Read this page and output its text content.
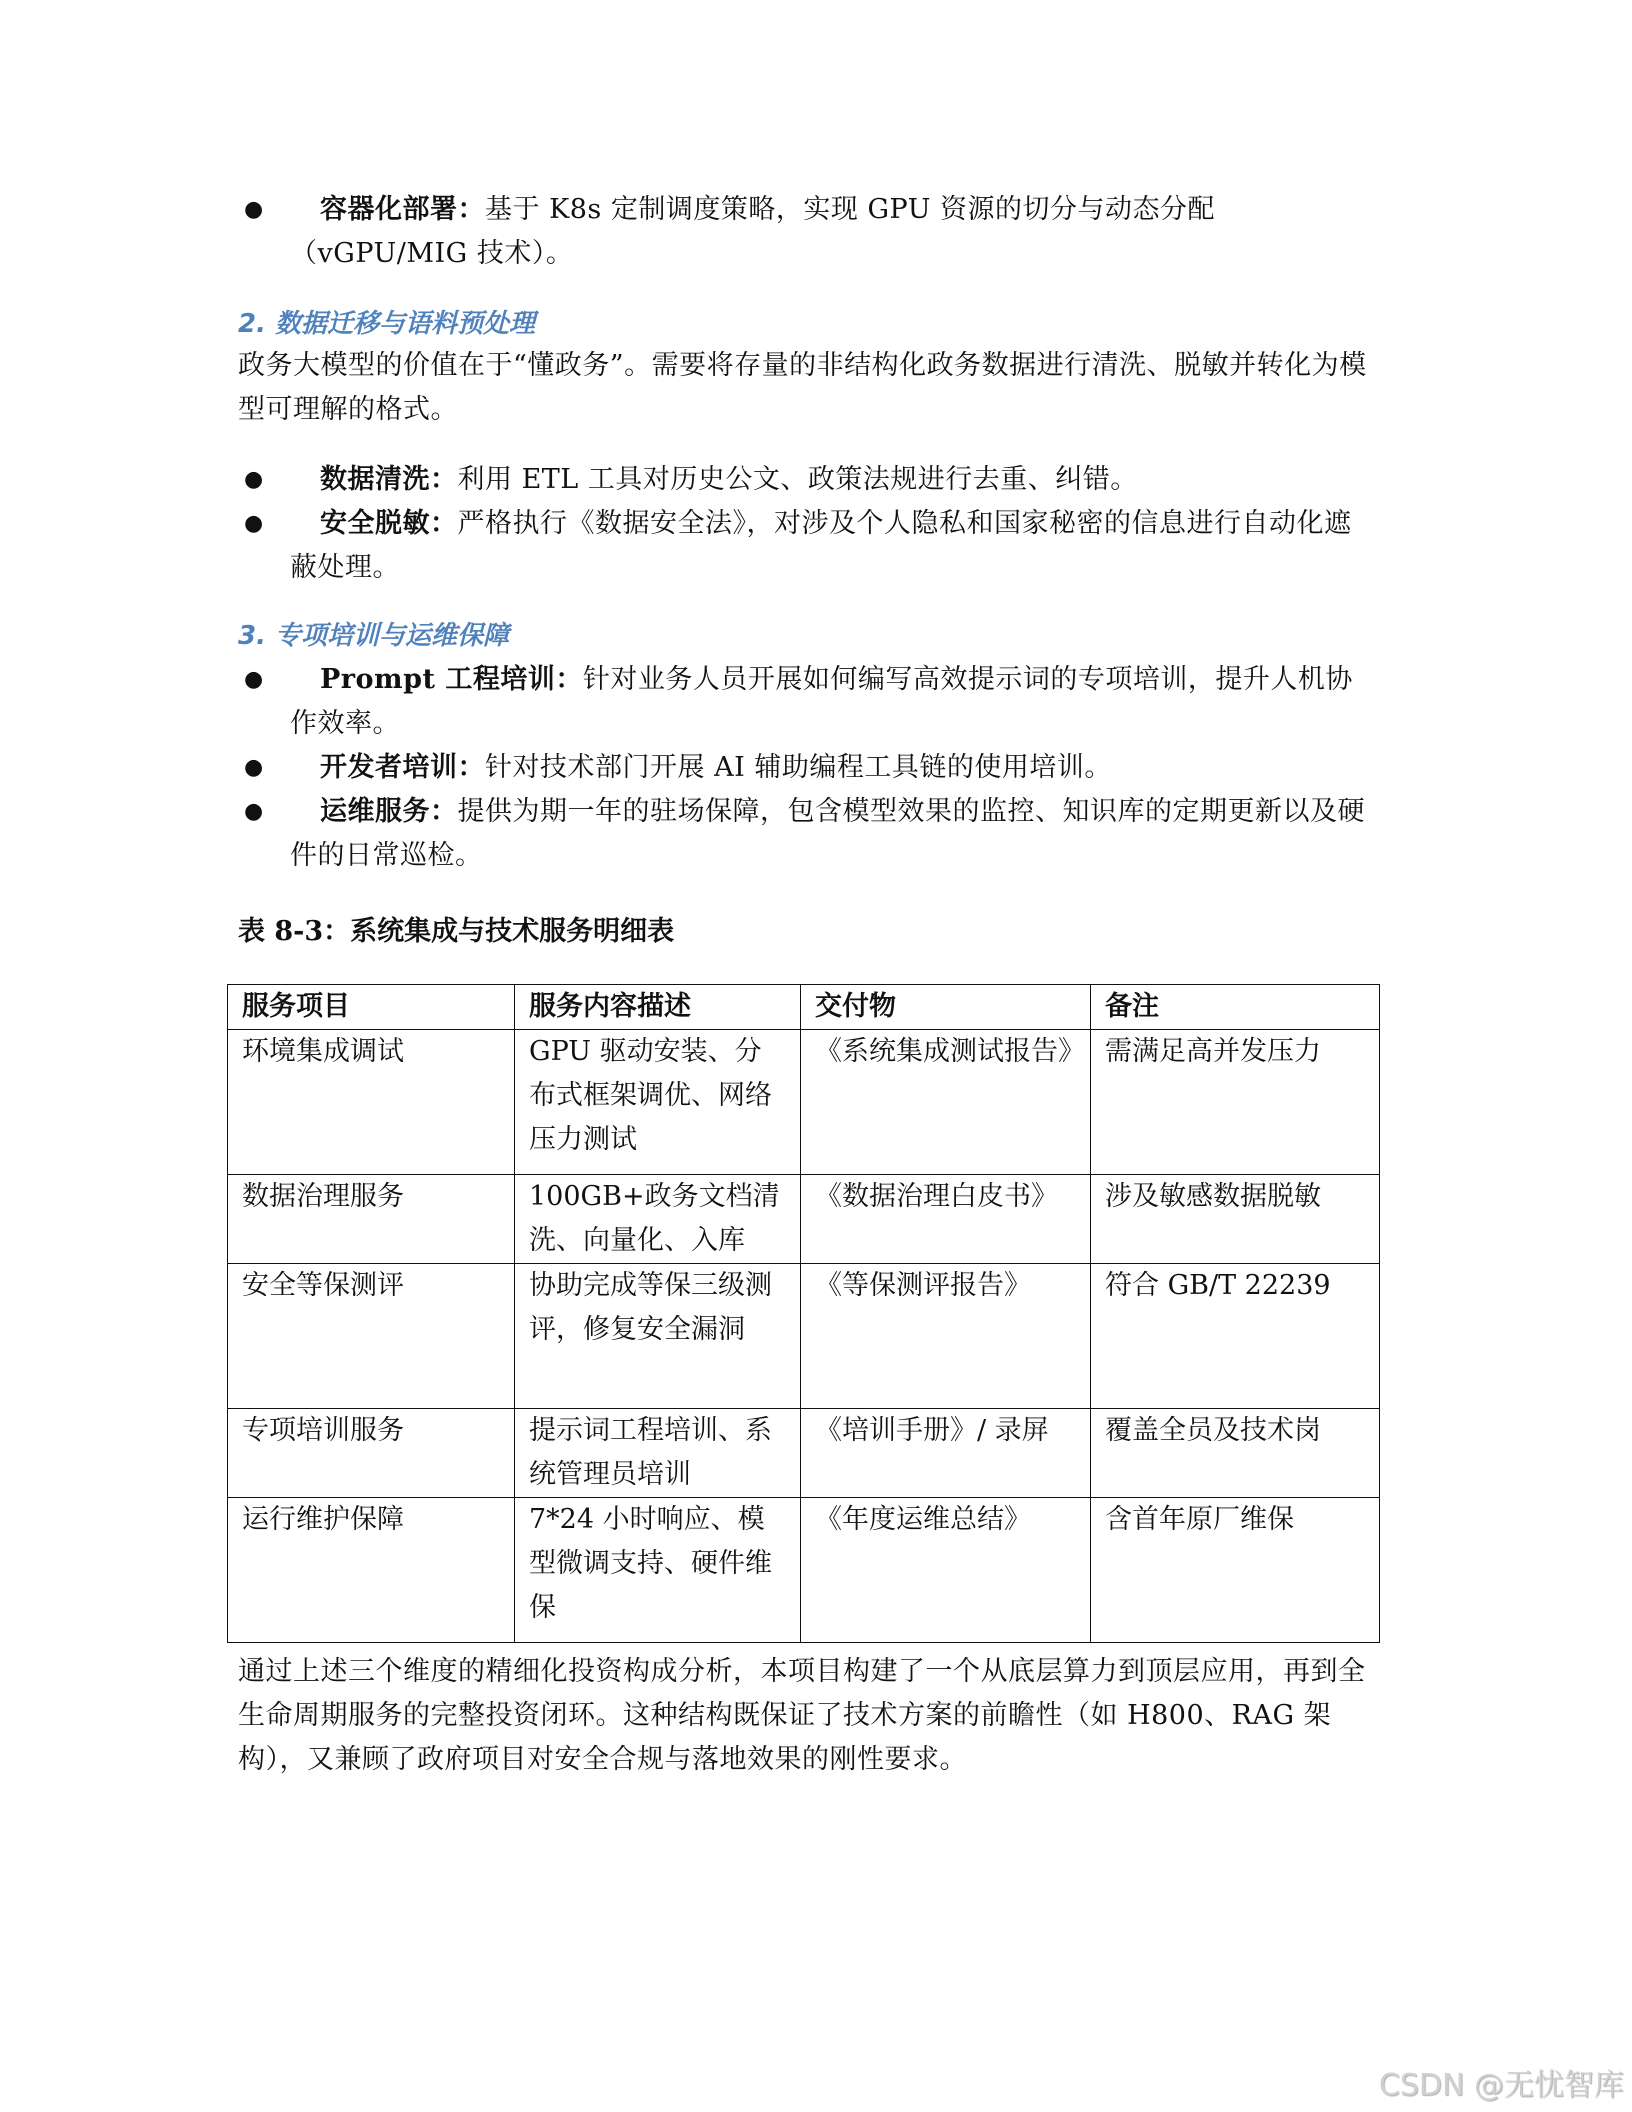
●	容器化部署：基于 K8s 定制调度策略，实现 GPU 资源的切分与动态分配（vGPU/MIG 技术）。
2. 数据迁移与语料预处理
政务大模型的价值在于“懂政务”。需要将存量的非结构化政务数据进行清洗、脱敏并转化为模型可理解的格式。
●	数据清洗：利用 ETL 工具对历史公文、政策法规进行去重、纠错。
●	安全脱敏：严格执行《数据安全法》，对涉及个人隐私和国家秘密的信息进行自动化遮蔽处理。
3. 专项培训与运维保障
●	Prompt 工程培训：针对业务人员开展如何编写高效提示词的专项培训，提升人机协作效率。
●	开发者培训：针对技术部门开展 AI 辅助编程工具链的使用培训。
●	运维服务：提供为期一年的驻场保障，包含模型效果的监控、知识库的定期更新以及硬件的日常巡检。
表 8-3：系统集成与技术服务明细表
服务项目	服务内容描述	交付物	备注
环境集成调试	GPU 驱动安装、分布式框架调优、网络压力测试	《系统集成测试报告》	需满足高并发压力
数据治理服务	100GB+政务文档清洗、向量化、入库	《数据治理白皮书》	涉及敏感数据脱敏
安全等保测评	协助完成等保三级测评，修复安全漏洞	《等保测评报告》	符合 GB/T 22239
专项培训服务	提示词工程培训、系统管理员培训	《培训手册》/ 录屏	覆盖全员及技术岗
运行维护保障	7*24 小时响应、模型微调支持、硬件维保	《年度运维总结》	含首年原厂维保
通过上述三个维度的精细化投资构成分析，本项目构建了一个从底层算力到顶层应用，再到全生命周期服务的完整投资闭环。这种结构既保证了技术方案的前瞻性（如 H800、RAG 架构），又兼顾了政府项目对安全合规与落地效果的刚性要求。
CSDN @无忧智库
